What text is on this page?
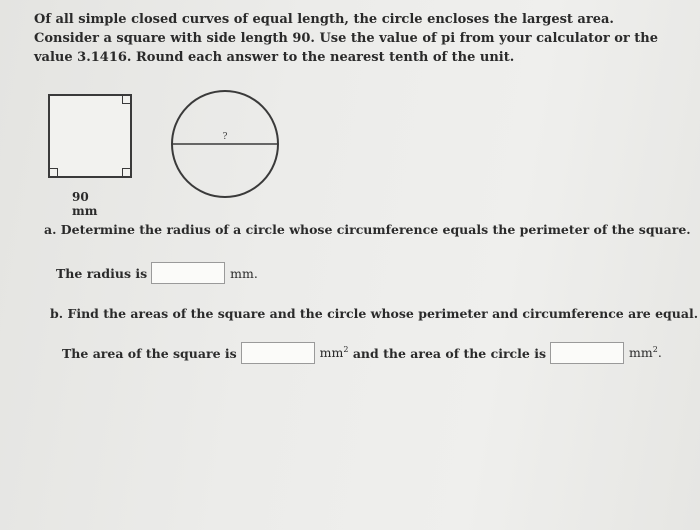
Of all simple closed curves of equal length, the circle encloses the largest area. Consider a square with side length 90. Use the value of pi from your calculator or the value 3.1416. Round each answer to the nearest tenth of the unit.
90 mm
?
a. Determine the radius of a circle whose circumference equals the perimeter of the square.
The radius is	mm.
b. Find the areas of the square and the circle whose perimeter and circumference are equal.
The area of the square is	$mm^2$ and the area of the circle is	$mm^2$.
